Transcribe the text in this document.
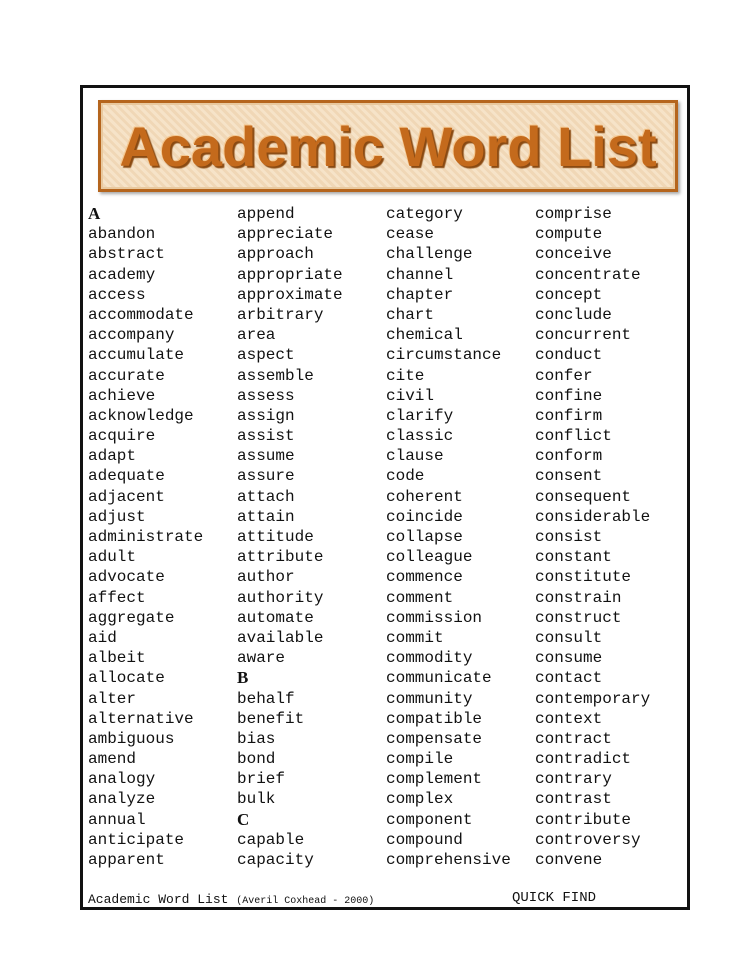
Academic Word List
A
abandon
abstract
academy
access
accommodate
accompany
accumulate
accurate
achieve
acknowledge
acquire
adapt
adequate
adjacent
adjust
administrate
adult
advocate
affect
aggregate
aid
albeit
allocate
alter
alternative
ambiguous
amend
analogy
analyze
annual
anticipate
apparent
append
appreciate
approach
appropriate
approximate
arbitrary
area
aspect
assemble
assess
assign
assist
assume
assure
attach
attain
attitude
attribute
author
authority
automate
available
aware
B
behalf
benefit
bias
bond
brief
bulk
C
capable
capacity
category
cease
challenge
channel
chapter
chart
chemical
circumstance
cite
civil
clarify
classic
clause
code
coherent
coincide
collapse
colleague
commence
comment
commission
commit
commodity
communicate
community
compatible
compensate
compile
complement
complex
component
compound
comprehensive
comprise
compute
conceive
concentrate
concept
conclude
concurrent
conduct
confer
confine
confirm
conflict
conform
consent
consequent
considerable
consist
constant
constitute
constrain
construct
consult
consume
contact
contemporary
context
contract
contradict
contrary
contrast
contribute
controversy
convene
Academic Word List (Averil Coxhead - 2000)	QUICK FIND
